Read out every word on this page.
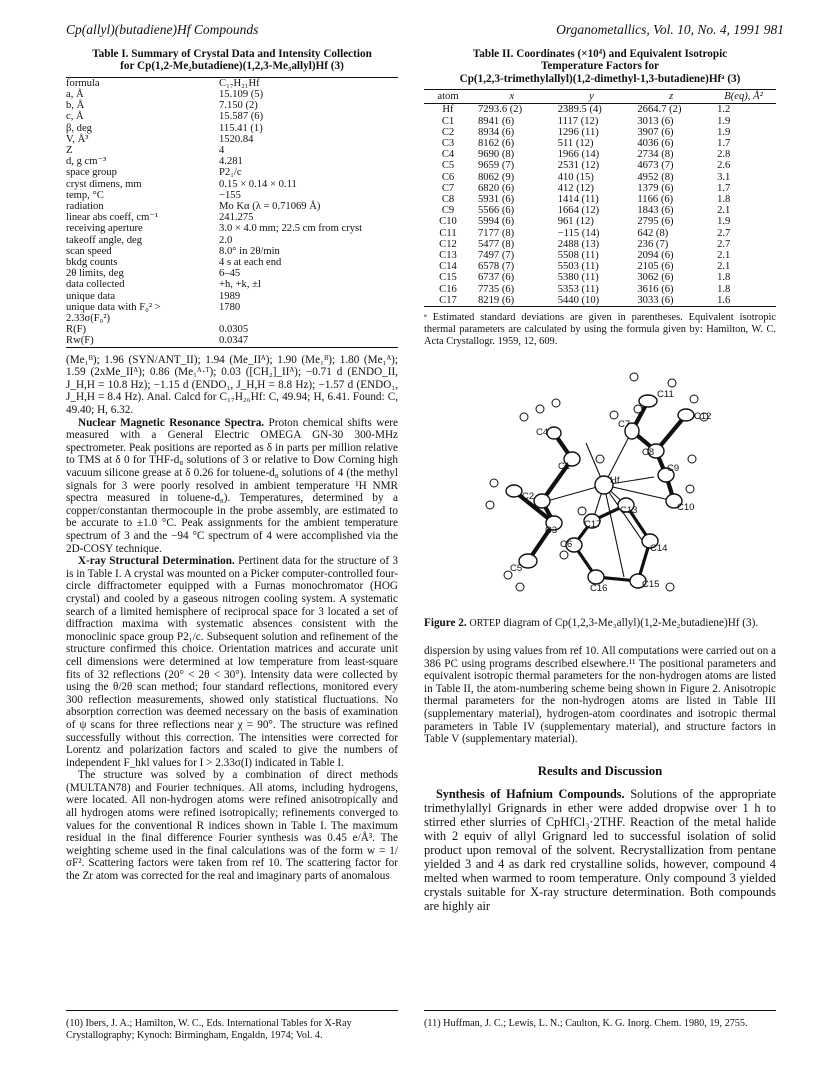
Cp(allyl)(butadiene)Hf Compounds	Organometallics, Vol. 10, No. 4, 1991 981
Table I. Summary of Crystal Data and Intensity Collection
for Cp(1,2-Me₂butadiene)(1,2,3-Me₃allyl)Hf (3)
formula	C₁₇H₂₁Hf
a, Å	15.109 (5)
b, Å	7.150 (2)
c, Å	15.587 (6)
β, deg	115.41 (1)
V, Å³	1520.84
Z	4
d, g cm⁻³	4.281
space group	P2₁/c
cryst dimens, mm	0.15 × 0.14 × 0.11
temp, °C	−155
radiation	Mo Kα (λ = 0.71069 Å)
linear abs coeff, cm⁻¹	241.275
receiving aperture	3.0 × 4.0 mm; 22.5 cm from cryst
takeoff angle, deg	2.0
scan speed	8.0° in 2θ/min
bkdg counts	4 s at each end
2θ limits, deg	6–45
data collected	+h, +k, ±l
unique data	1989
unique data with F₀² >	1780
2.33σ(F₀²)	
R(F)	0.0305
Rw(F)	0.0347

(Me₁ᴮ); 1.96 (SYN/ANT_II); 1.94 (Me_IIᴬ); 1.90 (Me₁ᴮ); 1.80 (Me₁ᴬ); 1.59 (2xMe_IIᴬ); 0.86 (Me₁ᴬ·ᵀ); 0.03 ([CH₂]_IIᴬ); −0.71 d (ENDO_II, J_H,H = 10.8 Hz); −1.15 d (ENDO₁, J_H,H = 8.8 Hz); −1.57 d (ENDO₁, J_H,H = 8.4 Hz). Anal. Calcd for C₁₇H₂₆Hf: C, 49.94; H, 6.41. Found: C, 49.40; H, 6.32.

Nuclear Magnetic Resonance Spectra. Proton chemical shifts were measured with a General Electric OMEGA GN-30 300-MHz spectrometer. Peak positions are reported as δ in parts per million relative to TMS at δ 0 for THF-d₈ solutions of 3 or relative to Dow Corning high vacuum silicone grease at δ 0.26 for toluene-d₈ solutions of 4 (the methyl signals for 3 were poorly resolved in ambient temperature ¹H NMR spectra measured in toluene-d₈). Temperatures, determined by a copper/constantan thermocouple in the probe assembly, are estimated to be accurate to ±1.0 °C. Peak assignments for the ambient temperature spectrum of 3 and the −94 °C spectrum of 4 were accomplished via the 2D-COSY technique.

X-ray Structural Determination. Pertinent data for the structure of 3 is in Table I. A crystal was mounted on a Picker computer-controlled four-circle diffractometer equipped with a Furnas monochromator (HOG crystal) and cooled by a gaseous nitrogen cooling system. A systematic search of a limited hemisphere of reciprocal space for 3 located a set of diffraction maxima with systematic absences consistent with the monoclinic space group P2₁/c. Subsequent solution and refinement of the structure confirmed this choice. Orientation matrices and accurate unit cell dimensions were determined at low temperature from least-square fits of 32 reflections (20° < 2θ < 30°). Intensity data were collected by using the θ/2θ scan method; four standard reflections, monitored every 300 reflection measurements, showed only statistical fluctuations. No absorption correction was deemed necessary on the basis of examination of ψ scans for three reflections near χ = 90°. The structure was refined successfully without this correction. The intensities were corrected for Lorentz and polarization factors and scaled to give the numbers of independent F_hkl values for I > 2.33σ(I) indicated in Table I.

The structure was solved by a combination of direct methods (MULTAN78) and Fourier techniques. All atoms, including hydrogens, were located. All non-hydrogen atoms were refined anisotropically and all hydrogen atoms were refined isotropically; refinements converged to values for the conventional R indices shown in Table I. The maximum residual in the final difference Fourier synthesis was 0.45 e/Å³. The weighting scheme used in the final calculations was of the form w = 1/σF². Scattering factors were taken from ref 10. The scattering factor for the Zr atom was corrected for the real and imaginary parts of anomalous

Table II. Coordinates (×10⁴) and Equivalent Isotropic
Temperature Factors for
Cp(1,2,3-trimethylallyl)(1,2-dimethyl-1,3-butadiene)Hfᵃ (3)
atom	x	y	z	B(eq), Å²
Hf	7293.6 (2)	2389.5 (4)	2664.7 (2)	1.2
C1	8941 (6)	1117 (12)	3013 (6)	1.9
C2	8934 (6)	1296 (11)	3907 (6)	1.9
C3	8162 (6)	511 (12)	4036 (6)	1.7
C4	9690 (8)	1966 (14)	2734 (8)	2.8
C5	9659 (7)	2531 (12)	4673 (7)	2.6
C6	8062 (9)	410 (15)	4952 (8)	3.1
C7	6820 (6)	412 (12)	1379 (6)	1.7
C8	5931 (6)	1414 (11)	1166 (6)	1.8
C9	5566 (6)	1664 (12)	1843 (6)	2.1
C10	5994 (6)	961 (12)	2795 (6)	1.9
C11	7177 (8)	−115 (14)	642 (8)	2.7
C12	5477 (8)	2488 (13)	236 (7)	2.7
C13	7497 (7)	5508 (11)	2094 (6)	2.1
C14	6578 (7)	5503 (11)	2105 (6)	2.1
C15	6737 (6)	5380 (11)	3062 (6)	1.8
C16	7735 (6)	5353 (11)	3616 (6)	1.8
C17	8219 (6)	5440 (10)	3033 (6)	1.6
ᵃ Estimated standard deviations are given in parentheses. Equivalent isotropic thermal parameters are calculated by using the formula given by: Hamilton, W. C. Acta Crystallogr. 1959, 12, 609.
C11
C7
C8
C12
C4
C1	C9
Hf
C2
C3
C13	C10
C17
C6
C5
C14
C15
C16
Figure 2. ORTEP diagram of Cp(1,2,3-Me₃allyl)(1,2-Me₂butadiene)Hf (3).

dispersion by using values from ref 10. All computations were carried out on a 386 PC using programs described elsewhere.¹¹ The positional parameters and equivalent isotropic thermal parameters for the non-hydrogen atoms are listed in Table II, the atom-numbering scheme being shown in Figure 2. Anisotropic thermal parameters for the non-hydrogen atoms are listed in Table III (supplementary material), hydrogen-atom coordinates and isotropic thermal parameters in Table IV (supplementary material), and structure factors in Table V (supplementary material).

Results and Discussion

Synthesis of Hafnium Compounds. Solutions of the appropriate trimethylallyl Grignards in ether were added dropwise over 1 h to stirred ether slurries of CpHfCl₃·2THF. Reaction of the metal halide with 2 equiv of allyl Grignard led to successful isolation of solid product upon removal of the solvent. Recrystallization from pentane yielded 3 and 4 as dark red crystalline solids, however, compound 4 melted when warmed to room temperature. Only compound 3 yielded crystals suitable for X-ray structure determination. Both compounds are highly air

(10) Ibers, J. A.; Hamilton, W. C., Eds. International Tables for X-Ray Crystallography; Kynoch: Birmingham, Engaldn, 1974; Vol. 4.
(11) Huffman, J. C.; Lewis, L. N.; Caulton, K. G. Inorg. Chem. 1980, 19, 2755.
